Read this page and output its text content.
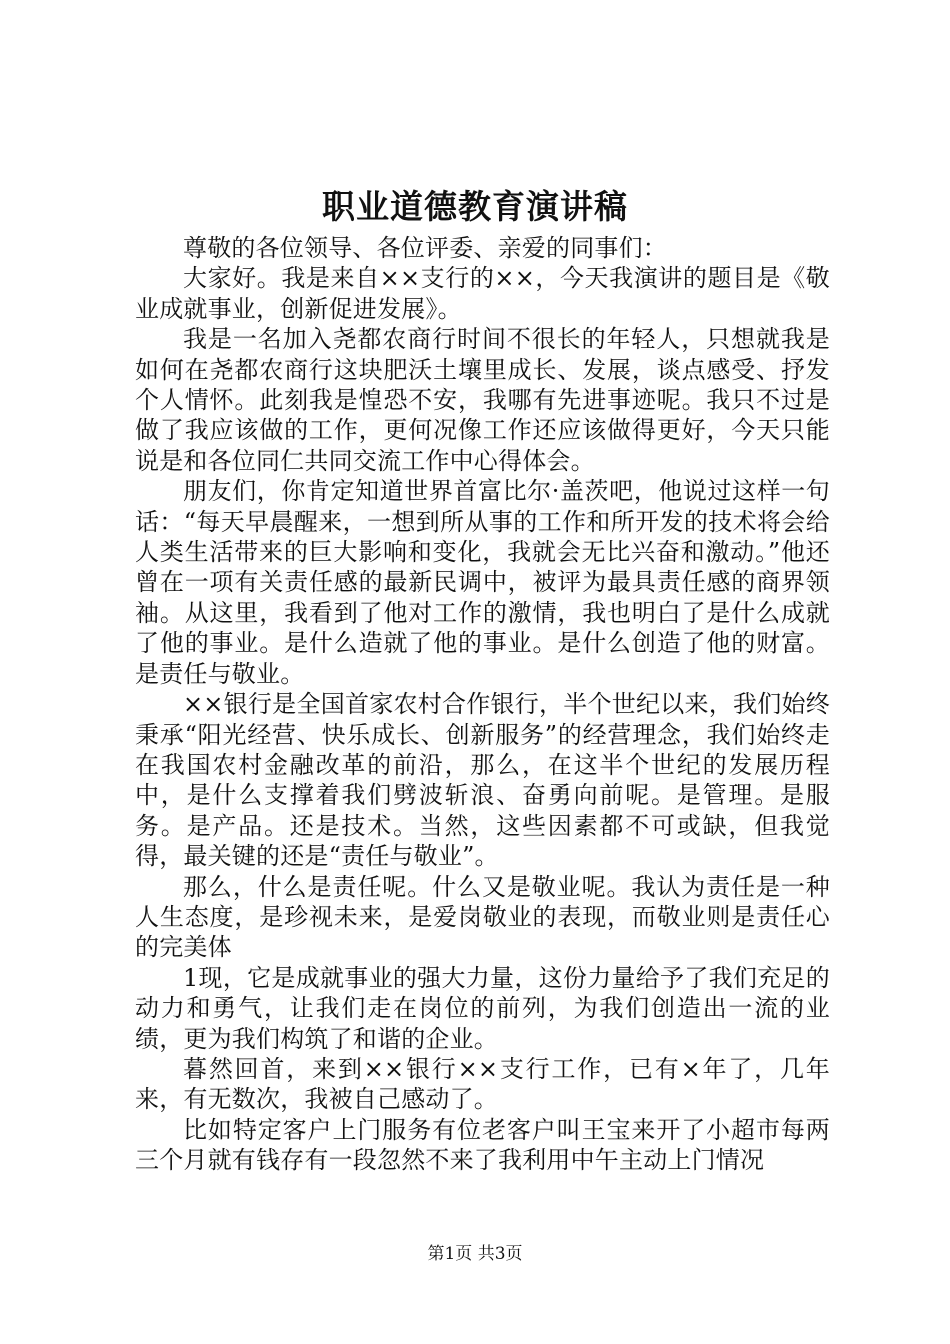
职业道德教育演讲稿

尊敬的各位领导、各位评委、亲爱的同事们：

大家好。我是来自××支行的××，今天我演讲的题目是《敬业成就事业，创新促进发展》。

我是一名加入尧都农商行时间不很长的年轻人，只想就我是如何在尧都农商行这块肥沃土壤里成长、发展，谈点感受、抒发个人情怀。此刻我是惶恐不安，我哪有先进事迹呢。我只不过是做了我应该做的工作，更何况像工作还应该做得更好，今天只能说是和各位同仁共同交流工作中心得体会。

朋友们，你肯定知道世界首富比尔·盖茨吧，他说过这样一句话：“每天早晨醒来，一想到所从事的工作和所开发的技术将会给人类生活带来的巨大影响和变化，我就会无比兴奋和激动。”他还曾在一项有关责任感的最新民调中，被评为最具责任感的商界领袖。从这里，我看到了他对工作的激情，我也明白了是什么成就了他的事业。是什么造就了他的事业。是什么创造了他的财富。是责任与敬业。

××银行是全国首家农村合作银行，半个世纪以来，我们始终秉承“阳光经营、快乐成长、创新服务”的经营理念，我们始终走在我国农村金融改革的前沿，那么，在这半个世纪的发展历程中，是什么支撑着我们劈波斩浪、奋勇向前呢。是管理。是服务。是产品。还是技术。当然，这些因素都不可或缺，但我觉得，最关键的还是“责任与敬业”。

那么，什么是责任呢。什么又是敬业呢。我认为责任是一种人生态度，是珍视未来，是爱岗敬业的表现，而敬业则是责任心的完美体

1现，它是成就事业的强大力量，这份力量给予了我们充足的动力和勇气，让我们走在岗位的前列，为我们创造出一流的业绩，更为我们构筑了和谐的企业。

暮然回首，来到××银行××支行工作，已有×年了，几年来，有无数次，我被自己感动了。

比如特定客户上门服务有位老客户叫王宝来开了小超市每两三个月就有钱存有一段忽然不来了我利用中午主动上门情况

第1页 共3页
